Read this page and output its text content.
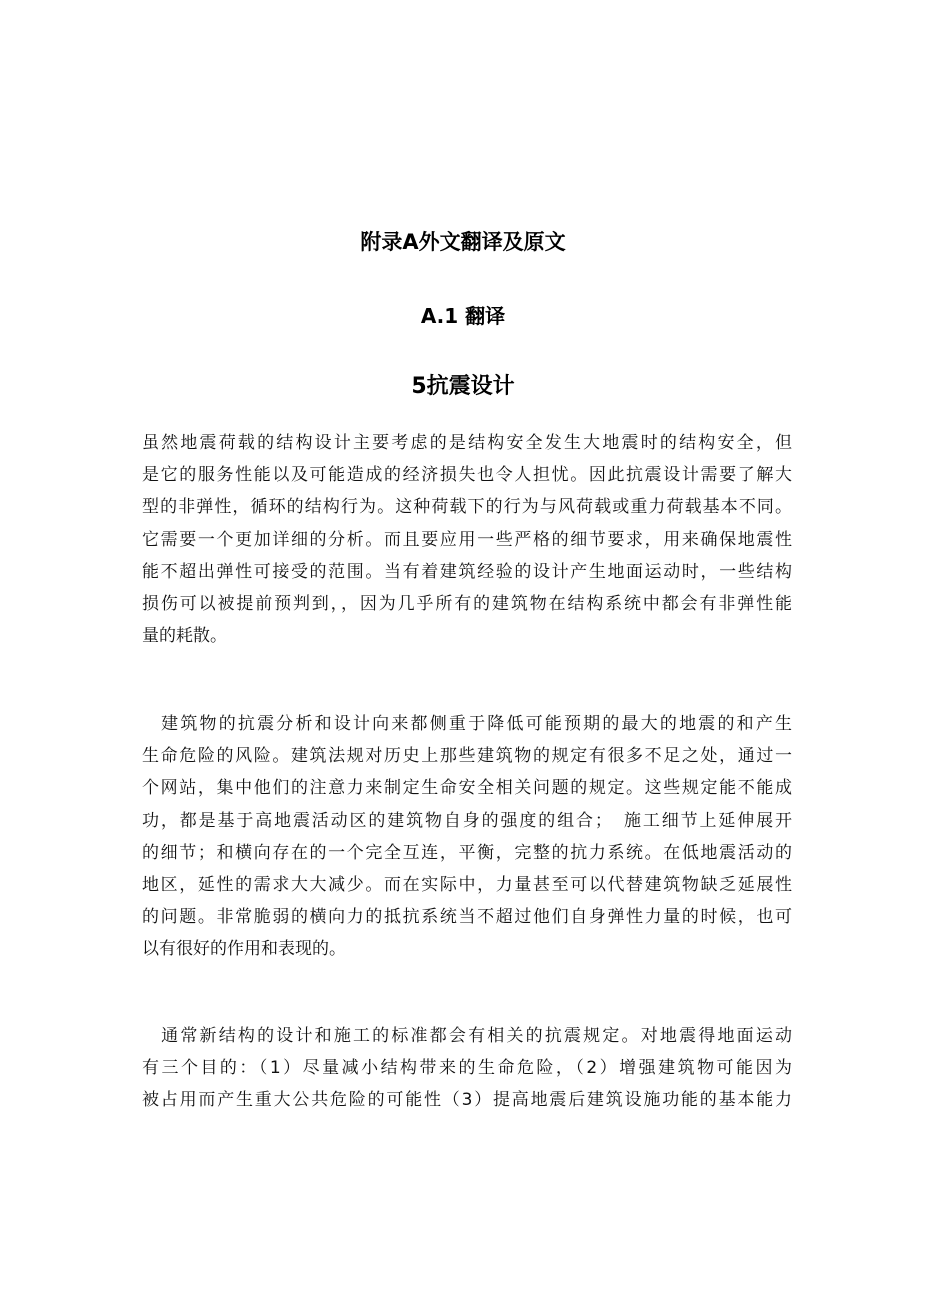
附录A外文翻译及原文
A.1 翻译
5抗震设计
虽然地震荷载的结构设计主要考虑的是结构安全发生大地震时的结构安全，但
是它的服务性能以及可能造成的经济损失也令人担忧。因此抗震设计需要了解大
型的非弹性，循环的结构行为。这种荷载下的行为与风荷载或重力荷载基本不同。
它需要一个更加详细的分析。而且要应用一些严格的细节要求，用来确保地震性
能不超出弹性可接受的范围。当有着建筑经验的设计产生地面运动时，一些结构
损伤可以被提前预判到，，因为几乎所有的建筑物在结构系统中都会有非弹性能
量的耗散。
　建筑物的抗震分析和设计向来都侧重于降低可能预期的最大的地震的和产生
生命危险的风险。建筑法规对历史上那些建筑物的规定有很多不足之处，通过一
个网站，集中他们的注意力来制定生命安全相关问题的规定。这些规定能不能成
功，都是基于高地震活动区的建筑物自身的强度的组合；　施工细节上延伸展开
的细节；和横向存在的一个完全互连，平衡，完整的抗力系统。在低地震活动的
地区，延性的需求大大减少。而在实际中，力量甚至可以代替建筑物缺乏延展性
的问题。非常脆弱的横向力的抵抗系统当不超过他们自身弹性力量的时候，也可
以有很好的作用和表现的。
　通常新结构的设计和施工的标准都会有相关的抗震规定。对地震得地面运动
有三个目的：（1）尽量减小结构带来的生命危险，（2）增强建筑物可能因为
被占用而产生重大公共危险的可能性（3）提高地震后建筑设施功能的基本能力
